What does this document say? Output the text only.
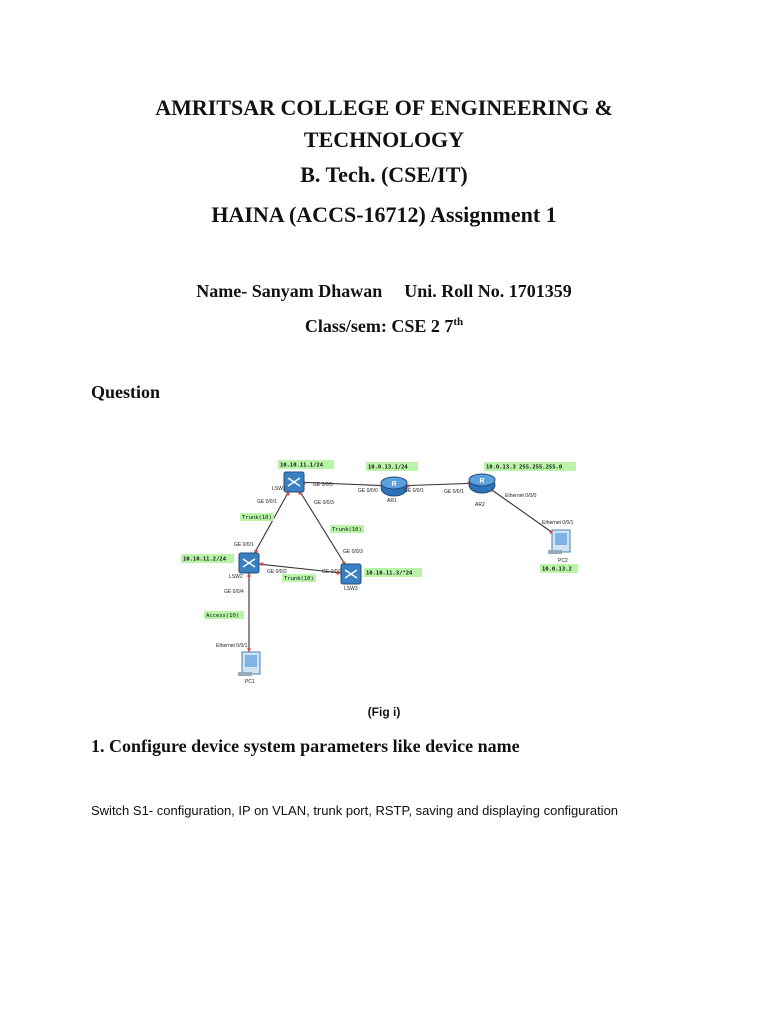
AMRITSAR COLLEGE OF ENGINEERING &
TECHNOLOGY
B. Tech. (CSE/IT)
HAINA (ACCS-16712) Assignment 1
Name- Sanyam Dhawan Uni. Roll No. 1701359
Class/sem: CSE 2 7th
Question
R	R
10.10.11.1/24	10.0.13.1/24	10.0.13.3 255.255.255.0
10.10.11.2/24
10.10.11.3/^24
10.0.13.2
Trunk(10)
Trunk(10)
Trunk(10)
Access(10)
GE 0/0/5
GE 0/0/0	GE 0/0/1	GE 0/0/1
Ethernet 0/0/0
Ethernet 0/0/1
GE 0/0/1	GE 0/0/3
GE 0/0/1
GE 0/0/3
GE 0/0/2	GE 0/0/2
GE 0/0/4
Ethernet 0/0/1
LSW1
AR1
AR2
PC2
LSW2
LSW3
PC1
(Fig i)
1. Configure device system parameters like device name
Switch S1- configuration, IP on VLAN, trunk port, RSTP, saving and displaying configuration
